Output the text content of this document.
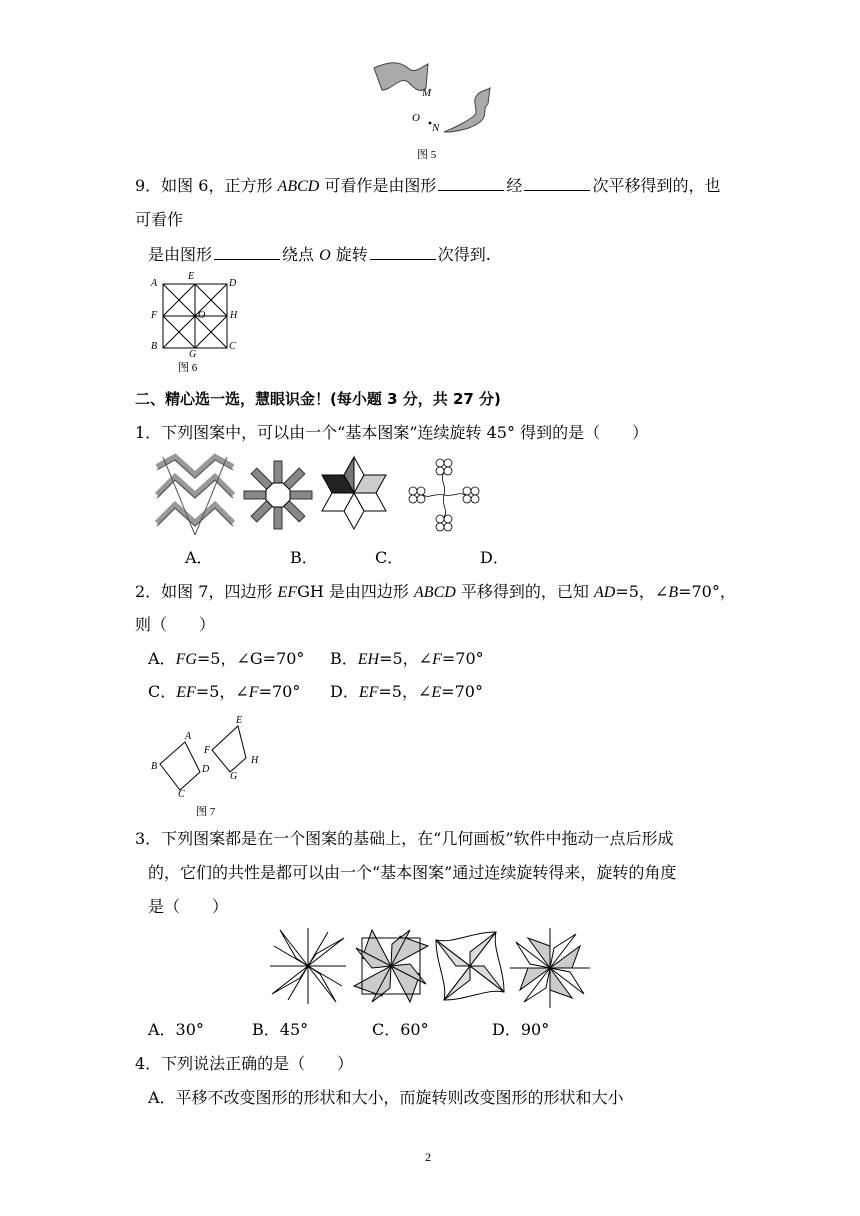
M
O
N
图 5
9．如图 6，正方形 ABCD 可看作是由图形	经	次平移得到的，也
可看作
是由图形	绕点 O 旋转	次得到.
A
E
D
F	O H
B
G
C
图 6
二、精心选一选，慧眼识金！(每小题 3 分，共 27 分)
1．下列图案中，可以由一个“基本图案”连续旋转 45° 得到的是（　　）
A．	B．	C．	D．
2．如图 7，四边形 EFGH 是由四边形 ABCD 平移得到的，已知 AD=5，∠B=70°，
则（　　）
A．FG=5，∠G=70° B．EH=5，∠F=70°
C．EF=5，∠F=70° D．EF=5，∠E=70°
A
B
C
D
E
F
G
H
图 7
3．下列图案都是在一个图案的基础上，在“几何画板”软件中拖动一点后形成
的，它们的共性是都可以由一个“基本图案”通过连续旋转得来，旋转的角度
是（　　）
A．30°	B．45°	C．60°	D．90°
4．下列说法正确的是（　　）
A．平移不改变图形的形状和大小，而旋转则改变图形的形状和大小
2
